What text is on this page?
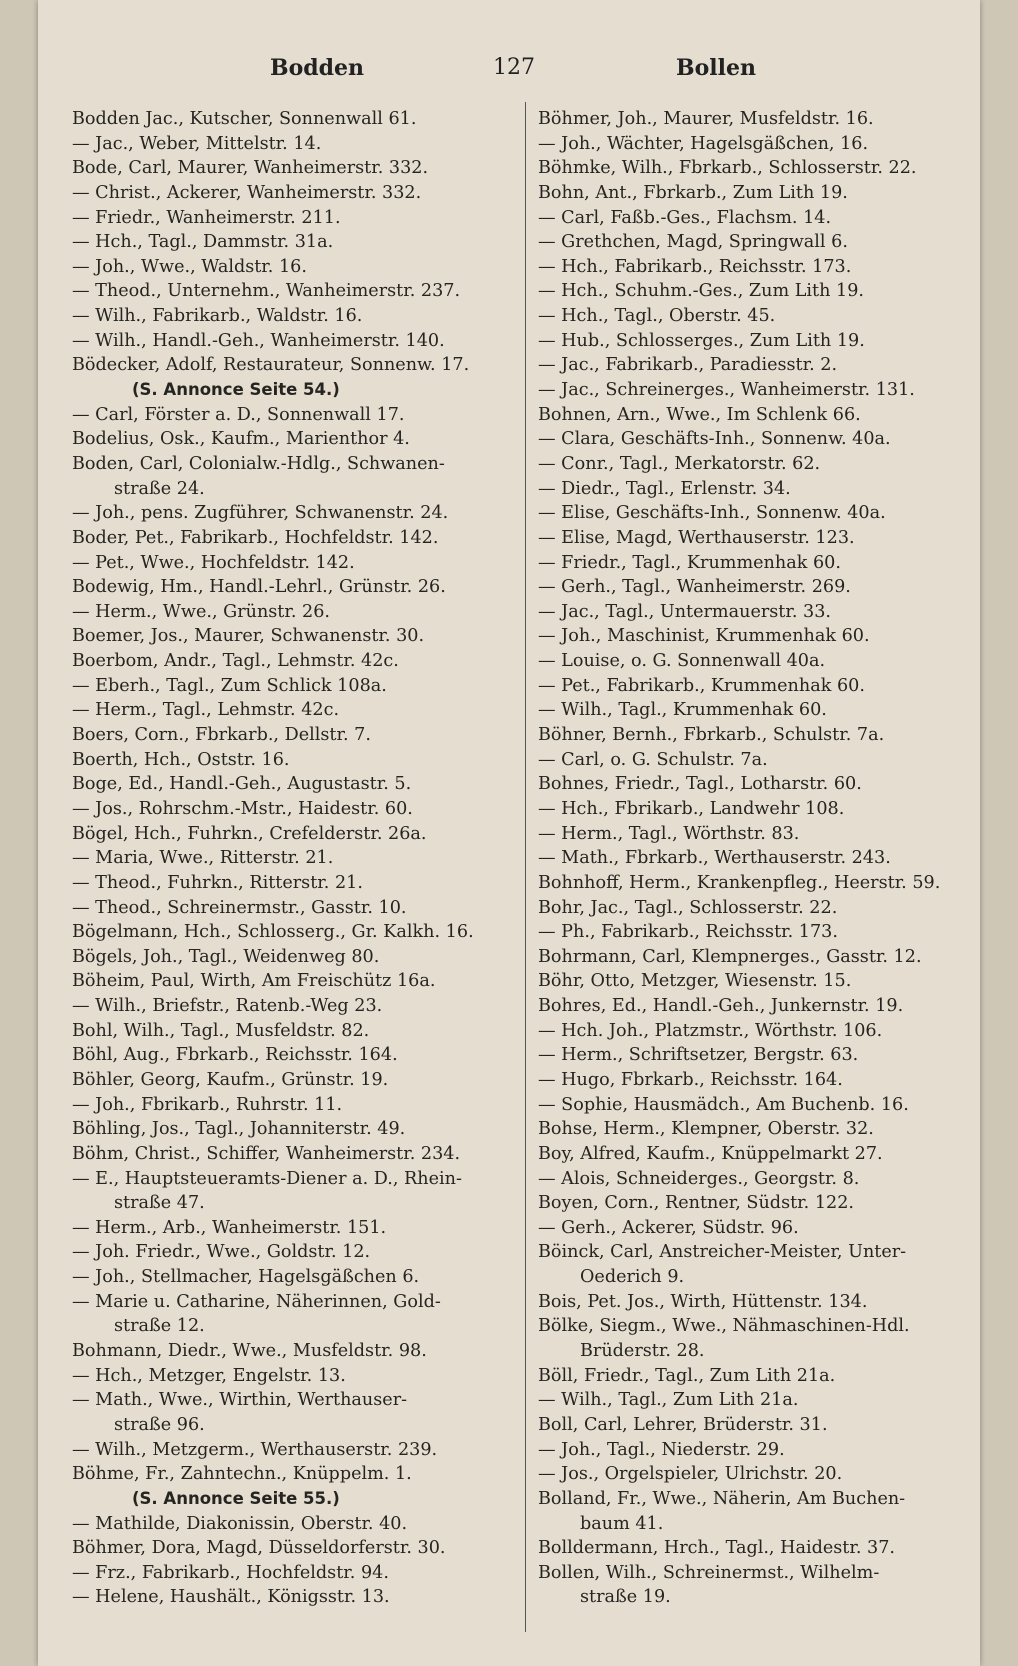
Bodden	127	Bollen
Bodden Jac., Kutscher, Sonnenwall 61.
— Jac., Weber, Mittelstr. 14.
Bode, Carl, Maurer, Wanheimerstr. 332.
— Christ., Ackerer, Wanheimerstr. 332.
— Friedr., Wanheimerstr. 211.
— Hch., Tagl., Dammstr. 31a.
— Joh., Wwe., Waldstr. 16.
— Theod., Unternehm., Wanheimerstr. 237.
— Wilh., Fabrikarb., Waldstr. 16.
— Wilh., Handl.-Geh., Wanheimerstr. 140.
Bödecker, Adolf, Restaurateur, Sonnenw. 17.
(S. Annonce Seite 54.)
— Carl, Förster a. D., Sonnenwall 17.
Bodelius, Osk., Kaufm., Marienthor 4.
Boden, Carl, Colonialw.-Hdlg., Schwanen-
straße 24.
— Joh., pens. Zugführer, Schwanenstr. 24.
Boder, Pet., Fabrikarb., Hochfeldstr. 142.
— Pet., Wwe., Hochfeldstr. 142.
Bodewig, Hm., Handl.-Lehrl., Grünstr. 26.
— Herm., Wwe., Grünstr. 26.
Boemer, Jos., Maurer, Schwanenstr. 30.
Boerbom, Andr., Tagl., Lehmstr. 42c.
— Eberh., Tagl., Zum Schlick 108a.
— Herm., Tagl., Lehmstr. 42c.
Boers, Corn., Fbrkarb., Dellstr. 7.
Boerth, Hch., Oststr. 16.
Boge, Ed., Handl.-Geh., Augustastr. 5.
— Jos., Rohrschm.-Mstr., Haidestr. 60.
Bögel, Hch., Fuhrkn., Crefelderstr. 26a.
— Maria, Wwe., Ritterstr. 21.
— Theod., Fuhrkn., Ritterstr. 21.
— Theod., Schreinermstr., Gasstr. 10.
Bögelmann, Hch., Schlosserg., Gr. Kalkh. 16.
Bögels, Joh., Tagl., Weidenweg 80.
Böheim, Paul, Wirth, Am Freischütz 16a.
— Wilh., Briefstr., Ratenb.-Weg 23.
Bohl, Wilh., Tagl., Musfeldstr. 82.
Böhl, Aug., Fbrkarb., Reichsstr. 164.
Böhler, Georg, Kaufm., Grünstr. 19.
— Joh., Fbrikarb., Ruhrstr. 11.
Böhling, Jos., Tagl., Johanniterstr. 49.
Böhm, Christ., Schiffer, Wanheimerstr. 234.
— E., Hauptsteueramts-Diener a. D., Rhein-
straße 47.
— Herm., Arb., Wanheimerstr. 151.
— Joh. Friedr., Wwe., Goldstr. 12.
— Joh., Stellmacher, Hagelsgäßchen 6.
— Marie u. Catharine, Näherinnen, Gold-
straße 12.
Bohmann, Diedr., Wwe., Musfeldstr. 98.
— Hch., Metzger, Engelstr. 13.
— Math., Wwe., Wirthin, Werthauser-
straße 96.
— Wilh., Metzgerm., Werthauserstr. 239.
Böhme, Fr., Zahntechn., Knüppelm. 1.
(S. Annonce Seite 55.)
— Mathilde, Diakonissin, Oberstr. 40.
Böhmer, Dora, Magd, Düsseldorferstr. 30.
— Frz., Fabrikarb., Hochfeldstr. 94.
— Helene, Haushält., Königsstr. 13.
Böhmer, Joh., Maurer, Musfeldstr. 16.
— Joh., Wächter, Hagelsgäßchen, 16.
Böhmke, Wilh., Fbrkarb., Schlosserstr. 22.
Bohn, Ant., Fbrkarb., Zum Lith 19.
— Carl, Faßb.-Ges., Flachsm. 14.
— Grethchen, Magd, Springwall 6.
— Hch., Fabrikarb., Reichsstr. 173.
— Hch., Schuhm.-Ges., Zum Lith 19.
— Hch., Tagl., Oberstr. 45.
— Hub., Schlosserges., Zum Lith 19.
— Jac., Fabrikarb., Paradiesstr. 2.
— Jac., Schreinerges., Wanheimerstr. 131.
Bohnen, Arn., Wwe., Im Schlenk 66.
— Clara, Geschäfts-Inh., Sonnenw. 40a.
— Conr., Tagl., Merkatorstr. 62.
— Diedr., Tagl., Erlenstr. 34.
— Elise, Geschäfts-Inh., Sonnenw. 40a.
— Elise, Magd, Werthauserstr. 123.
— Friedr., Tagl., Krummenhak 60.
— Gerh., Tagl., Wanheimerstr. 269.
— Jac., Tagl., Untermauerstr. 33.
— Joh., Maschinist, Krummenhak 60.
— Louise, o. G. Sonnenwall 40a.
— Pet., Fabrikarb., Krummenhak 60.
— Wilh., Tagl., Krummenhak 60.
Böhner, Bernh., Fbrkarb., Schulstr. 7a.
— Carl, o. G. Schulstr. 7a.
Bohnes, Friedr., Tagl., Lotharstr. 60.
— Hch., Fbrikarb., Landwehr 108.
— Herm., Tagl., Wörthstr. 83.
— Math., Fbrkarb., Werthauserstr. 243.
Bohnhoff, Herm., Krankenpfleg., Heerstr. 59.
Bohr, Jac., Tagl., Schlosserstr. 22.
— Ph., Fabrikarb., Reichsstr. 173.
Bohrmann, Carl, Klempnerges., Gasstr. 12.
Böhr, Otto, Metzger, Wiesenstr. 15.
Bohres, Ed., Handl.-Geh., Junkernstr. 19.
— Hch. Joh., Platzmstr., Wörthstr. 106.
— Herm., Schriftsetzer, Bergstr. 63.
— Hugo, Fbrkarb., Reichsstr. 164.
— Sophie, Hausmädch., Am Buchenb. 16.
Bohse, Herm., Klempner, Oberstr. 32.
Boy, Alfred, Kaufm., Knüppelmarkt 27.
— Alois, Schneiderges., Georgstr. 8.
Boyen, Corn., Rentner, Südstr. 122.
— Gerh., Ackerer, Südstr. 96.
Böinck, Carl, Anstreicher-Meister, Unter-
Oederich 9.
Bois, Pet. Jos., Wirth, Hüttenstr. 134.
Bölke, Siegm., Wwe., Nähmaschinen-Hdl.
Brüderstr. 28.
Böll, Friedr., Tagl., Zum Lith 21a.
— Wilh., Tagl., Zum Lith 21a.
Boll, Carl, Lehrer, Brüderstr. 31.
— Joh., Tagl., Niederstr. 29.
— Jos., Orgelspieler, Ulrichstr. 20.
Bolland, Fr., Wwe., Näherin, Am Buchen-
baum 41.
Bolldermann, Hrch., Tagl., Haidestr. 37.
Bollen, Wilh., Schreinermst., Wilhelm-
straße 19.
